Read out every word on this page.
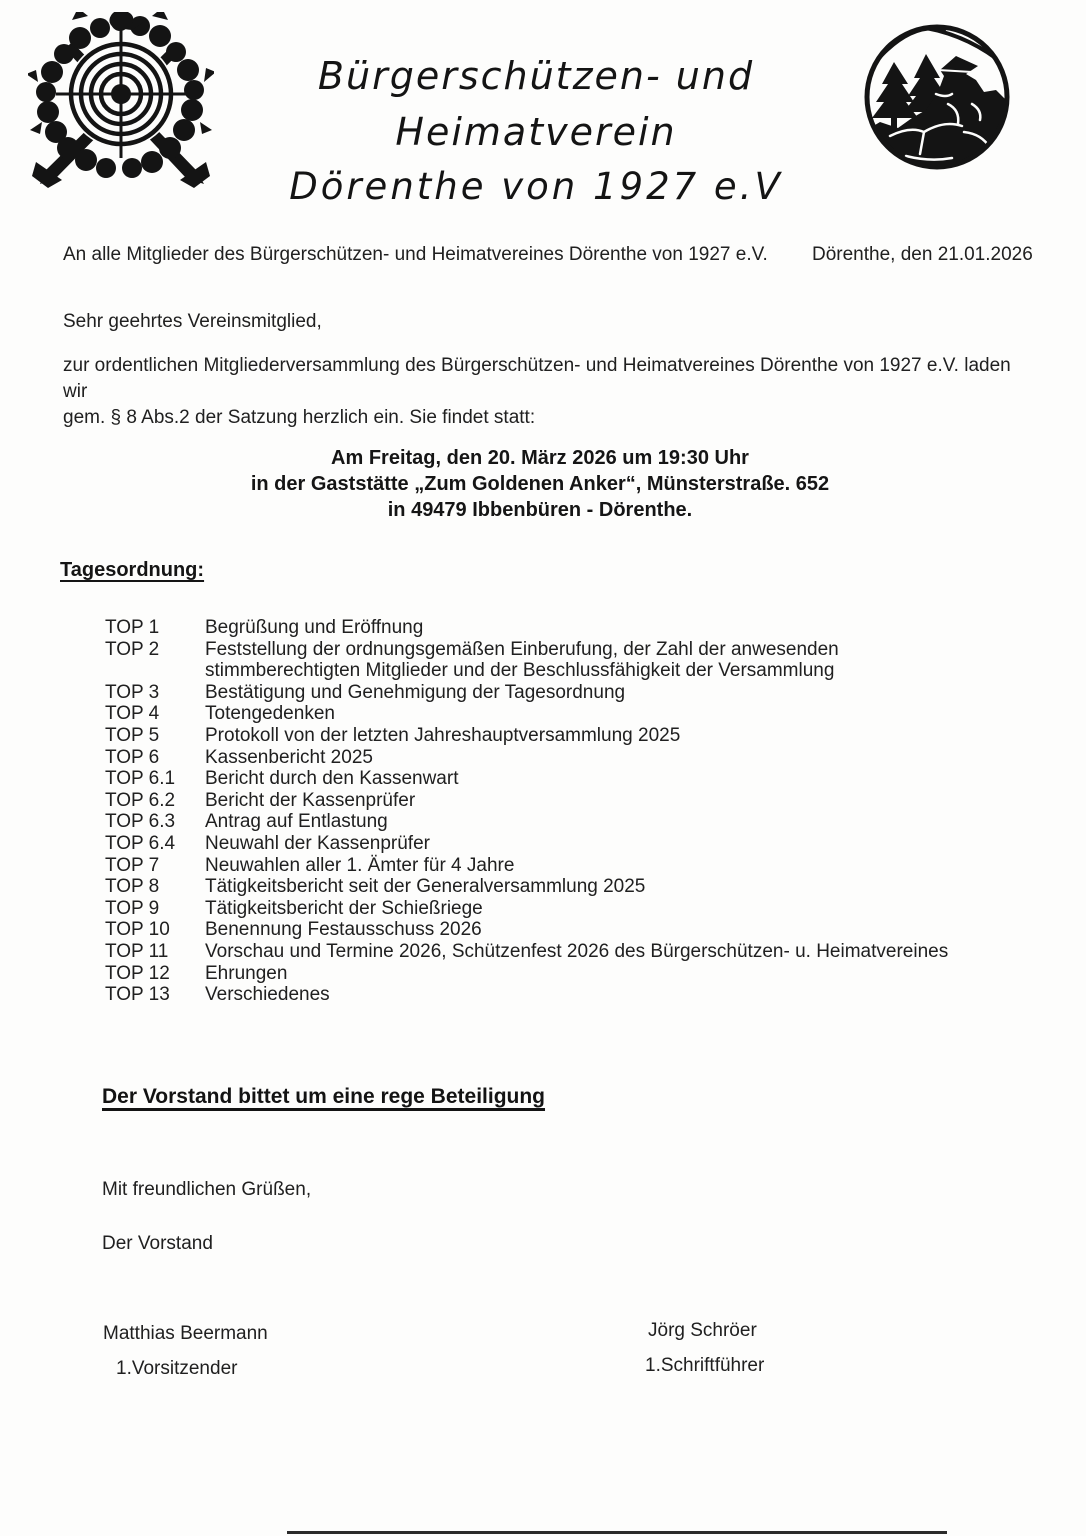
Bürgerschützen- und Heimatverein
Dörenthe von 1927 e.V
An alle Mitglieder des Bürgerschützen- und Heimatvereines Dörenthe von 1927 e.V. Dörenthe, den 21.01.2026
Sehr geehrtes Vereinsmitglied,
zur ordentlichen Mitgliederversammlung des Bürgerschützen- und Heimatvereines Dörenthe von 1927 e.V. laden wir
gem. § 8 Abs.2 der Satzung herzlich ein. Sie findet statt:
Am Freitag, den 20. März 2026 um 19:30 Uhr
in der Gaststätte „Zum Goldenen Anker“, Münsterstraße. 652
in 49479 Ibbenbüren - Dörenthe.
Tagesordnung:
TOP 1	Begrüßung und Eröffnung
TOP 2	Feststellung der ordnungsgemäßen Einberufung, der Zahl der anwesenden stimmberechtigten Mitglieder und der Beschlussfähigkeit der Versammlung
TOP 3	Bestätigung und Genehmigung der Tagesordnung
TOP 4	Totengedenken
TOP 5	Protokoll von der letzten Jahreshauptversammlung 2025
TOP 6	Kassenbericht 2025
TOP 6.1	Bericht durch den Kassenwart
TOP 6.2	Bericht der Kassenprüfer
TOP 6.3	Antrag auf Entlastung
TOP 6.4	Neuwahl der Kassenprüfer
TOP 7	Neuwahlen aller 1. Ämter für 4 Jahre
TOP 8	Tätigkeitsbericht seit der Generalversammlung 2025
TOP 9	Tätigkeitsbericht der Schießriege
TOP 10	Benennung Festausschuss 2026
TOP 11	Vorschau und Termine 2026, Schützenfest 2026 des Bürgerschützen- u. Heimatvereines
TOP 12	Ehrungen
TOP 13	Verschiedenes
Der Vorstand bittet um eine rege Beteiligung
Mit freundlichen Grüßen,
Der Vorstand
Matthias Beermann	Jörg Schröer
1.Vorsitzender	1.Schriftführer
